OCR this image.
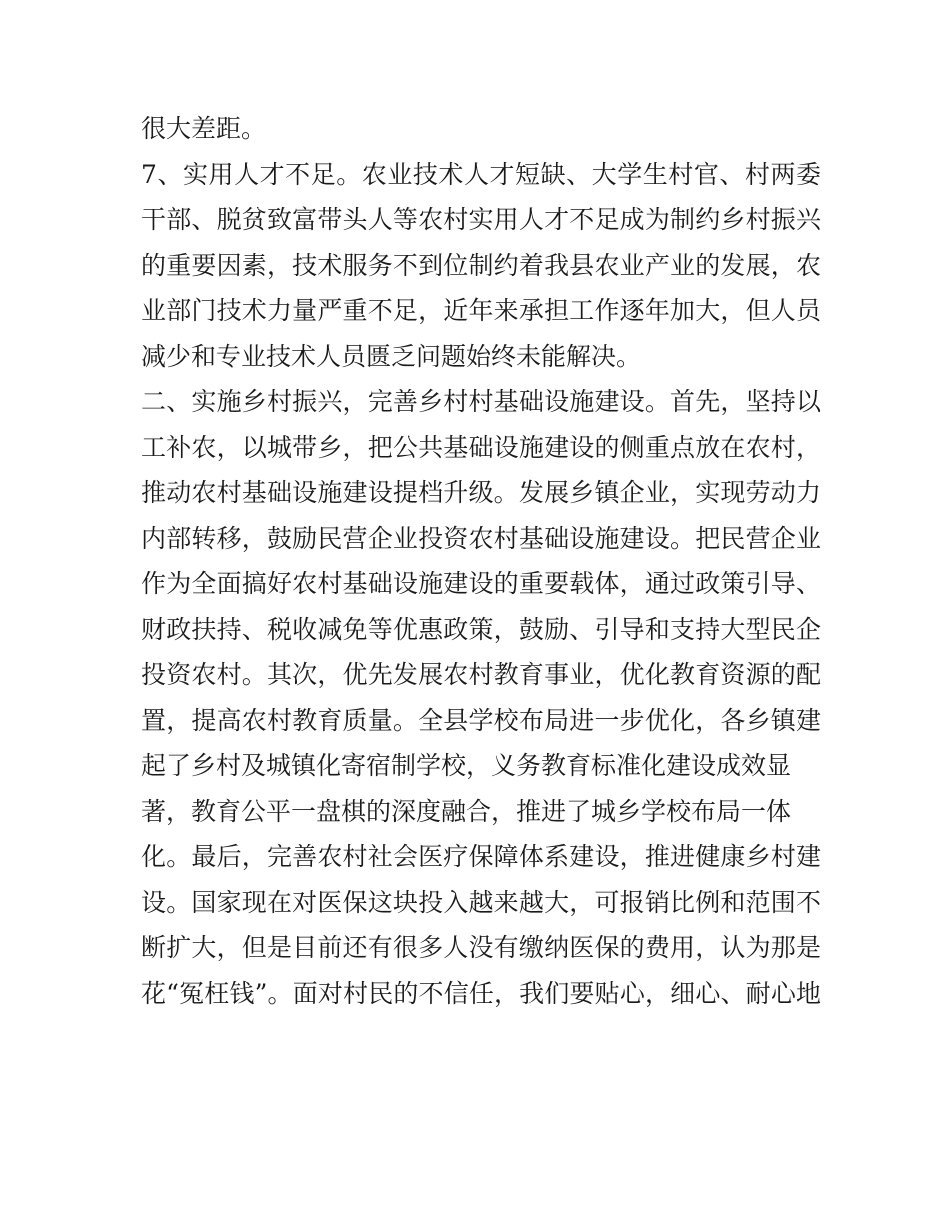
很大差距。
7、实用人才不足。农业技术人才短缺、大学生村官、村两委
干部、脱贫致富带头人等农村实用人才不足成为制约乡村振兴
的重要因素，技术服务不到位制约着我县农业产业的发展，农
业部门技术力量严重不足，近年来承担工作逐年加大，但人员
减少和专业技术人员匮乏问题始终未能解决。
二、实施乡村振兴，完善乡村村基础设施建设。首先，坚持以
工补农，以城带乡，把公共基础设施建设的侧重点放在农村，
推动农村基础设施建设提档升级。发展乡镇企业，实现劳动力
内部转移，鼓励民营企业投资农村基础设施建设。把民营企业
作为全面搞好农村基础设施建设的重要载体，通过政策引导、
财政扶持、税收减免等优惠政策，鼓励、引导和支持大型民企
投资农村。其次，优先发展农村教育事业，优化教育资源的配
置，提高农村教育质量。全县学校布局进一步优化，各乡镇建
起了乡村及城镇化寄宿制学校，义务教育标准化建设成效显
著，教育公平一盘棋的深度融合，推进了城乡学校布局一体
化。最后，完善农村社会医疗保障体系建设，推进健康乡村建
设。国家现在对医保这块投入越来越大，可报销比例和范围不
断扩大，但是目前还有很多人没有缴纳医保的费用，认为那是
花“冤枉钱”。面对村民的不信任，我们要贴心，细心、耐心地
